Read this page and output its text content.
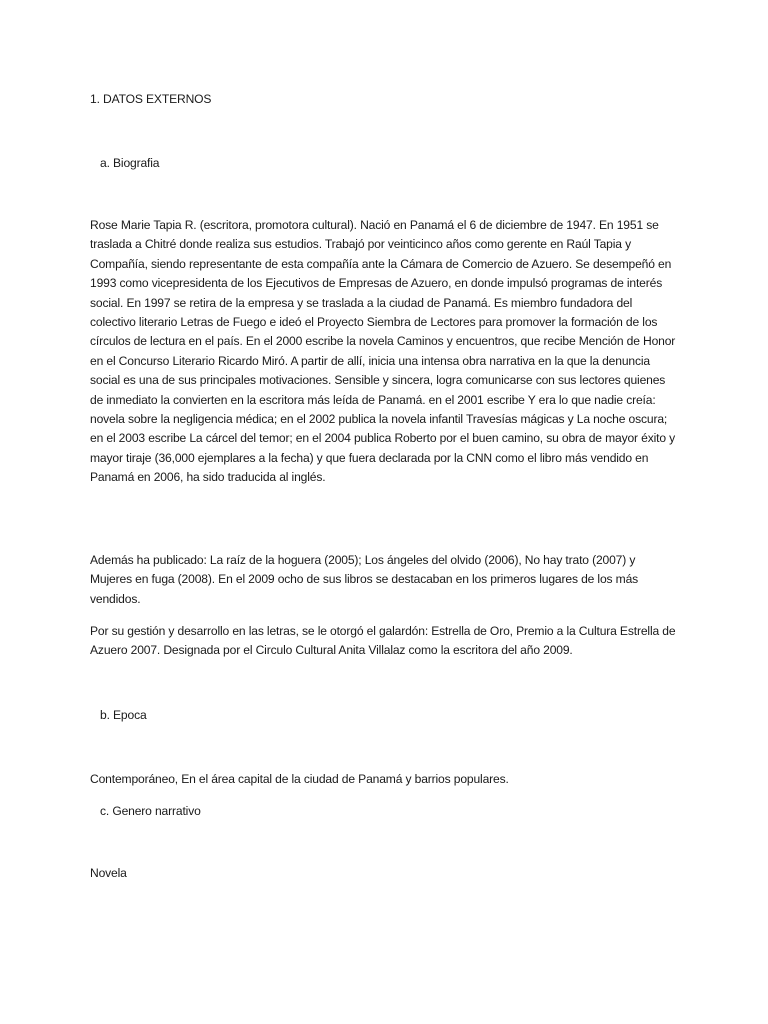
1. DATOS EXTERNOS

a. Biografia

Rose Marie Tapia R. (escritora, promotora cultural). Nació en Panamá el 6 de diciembre de 1947. En 1951 se traslada a Chitré donde realiza sus estudios. Trabajó por veinticinco años como gerente en Raúl Tapia y Compañía, siendo representante de esta compañía ante la Cámara de Comercio de Azuero. Se desempeñó en 1993 como vicepresidenta de los Ejecutivos de Empresas de Azuero, en donde impulsó programas de interés social. En 1997 se retira de la empresa y se traslada a la ciudad de Panamá. Es miembro fundadora del colectivo literario Letras de Fuego e ideó el Proyecto Siembra de Lectores para promover la formación de los círculos de lectura en el país. En el 2000 escribe la novela Caminos y encuentros, que recibe Mención de Honor en el Concurso Literario Ricardo Miró. A partir de allí, inicia una intensa obra narrativa en la que la denuncia social es una de sus principales motivaciones. Sensible y sincera, logra comunicarse con sus lectores quienes de inmediato la convierten en la escritora más leída de Panamá. en el 2001 escribe Y era lo que nadie creía: novela sobre la negligencia médica; en el 2002 publica la novela infantil Travesías mágicas y La noche oscura; en el 2003 escribe La cárcel del temor; en el 2004 publica Roberto por el buen camino, su obra de mayor éxito y mayor tiraje (36,000 ejemplares a la fecha) y que fuera declarada por la CNN como el libro más vendido en Panamá en 2006, ha sido traducida al inglés.

Además ha publicado: La raíz de la hoguera (2005); Los ángeles del olvido (2006), No hay trato (2007) y Mujeres en fuga (2008). En el 2009 ocho de sus libros se destacaban en los primeros lugares de los más vendidos.

Por su gestión y desarrollo en las letras, se le otorgó el galardón: Estrella de Oro, Premio a la Cultura Estrella de Azuero 2007. Designada por el Circulo Cultural Anita Villalaz como la escritora del año 2009.

b. Epoca

Contemporáneo, En el área capital de la ciudad de Panamá y barrios populares.

c. Genero narrativo

Novela
